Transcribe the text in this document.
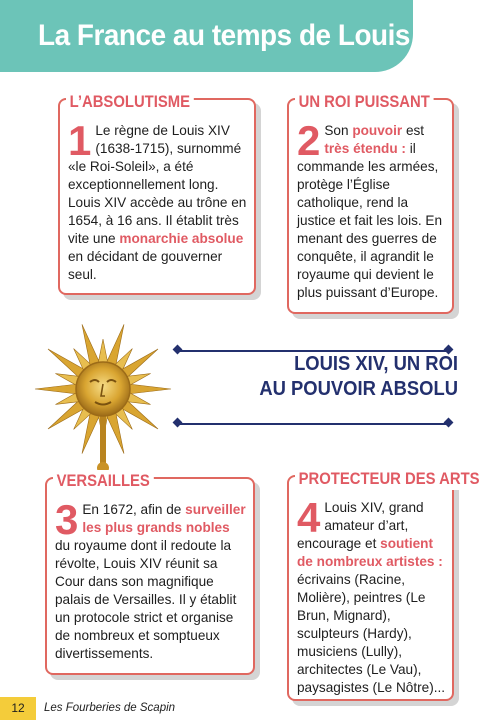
La France au temps de Louis XIV
L’ABSOLUTISME

1 Le règne de Louis XIV (1638-1715), surnommé «le Roi-Soleil», a été exceptionnellement long. Louis XIV accède au trône en 1654, à 16 ans. Il établit très vite une monarchie absolue en décidant de gouverner seul.

UN ROI PUISSANT

2 Son pouvoir est très étendu : il commande les armées, protège l’Église catholique, rend la justice et fait les lois. En menant des guerres de conquête, il agrandit le royaume qui devient le plus puissant d’Europe.

LOUIS XIV, UN ROI
AU POUVOIR ABSOLU
VERSAILLES

3 En 1672, afin de surveiller les plus grands nobles du royaume dont il redoute la révolte, Louis XIV réunit sa Cour dans son magnifique palais de Versailles. Il y établit un protocole strict et organise de nombreux et somptueux divertissements.

PROTECTEUR DES ARTS

4 Louis XIV, grand amateur d’art, encourage et soutient de nombreux artistes : écrivains (Racine, Molière), peintres (Le Brun, Mignard), sculpteurs (Hardy), musiciens (Lully), architectes (Le Vau), paysagistes (Le Nôtre)...

12	Les Fourberies de Scapin
